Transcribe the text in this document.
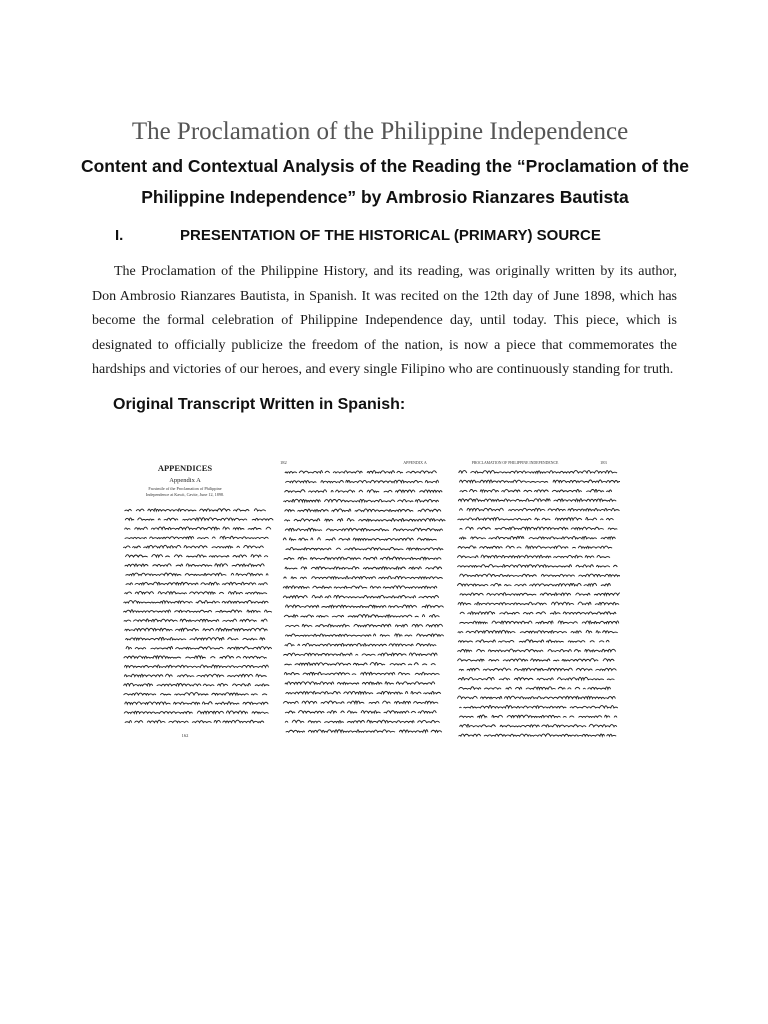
The Proclamation of the Philippine Independence
Content and Contextual Analysis of the Reading the “Proclamation of the Philippine Independence” by Ambrosio Rianzares Bautista
I.	PRESENTATION OF THE HISTORICAL (PRIMARY) SOURCE

The Proclamation of the Philippine History, and its reading, was originally written by its author, Don Ambrosio Rianzares Bautista, in Spanish. It was recited on the 12th day of June 1898, which has become the formal celebration of Philippine Independence day, until today. This piece, which is designated to officially publicize the freedom of the nation, is now a piece that commemorates the hardships and victories of our heroes, and every single Filipino who are continuously standing for truth.

Original Transcript Written in Spanish:
APPENDICES
Appendix A
Facsimile of the Proclamation of Philippine
Independence at Kawit, Cavite, June 12, 1898.
162
182	APPENDIX A	PROCLAMATION OF PHILIPPINE INDEPENDENCE	183
